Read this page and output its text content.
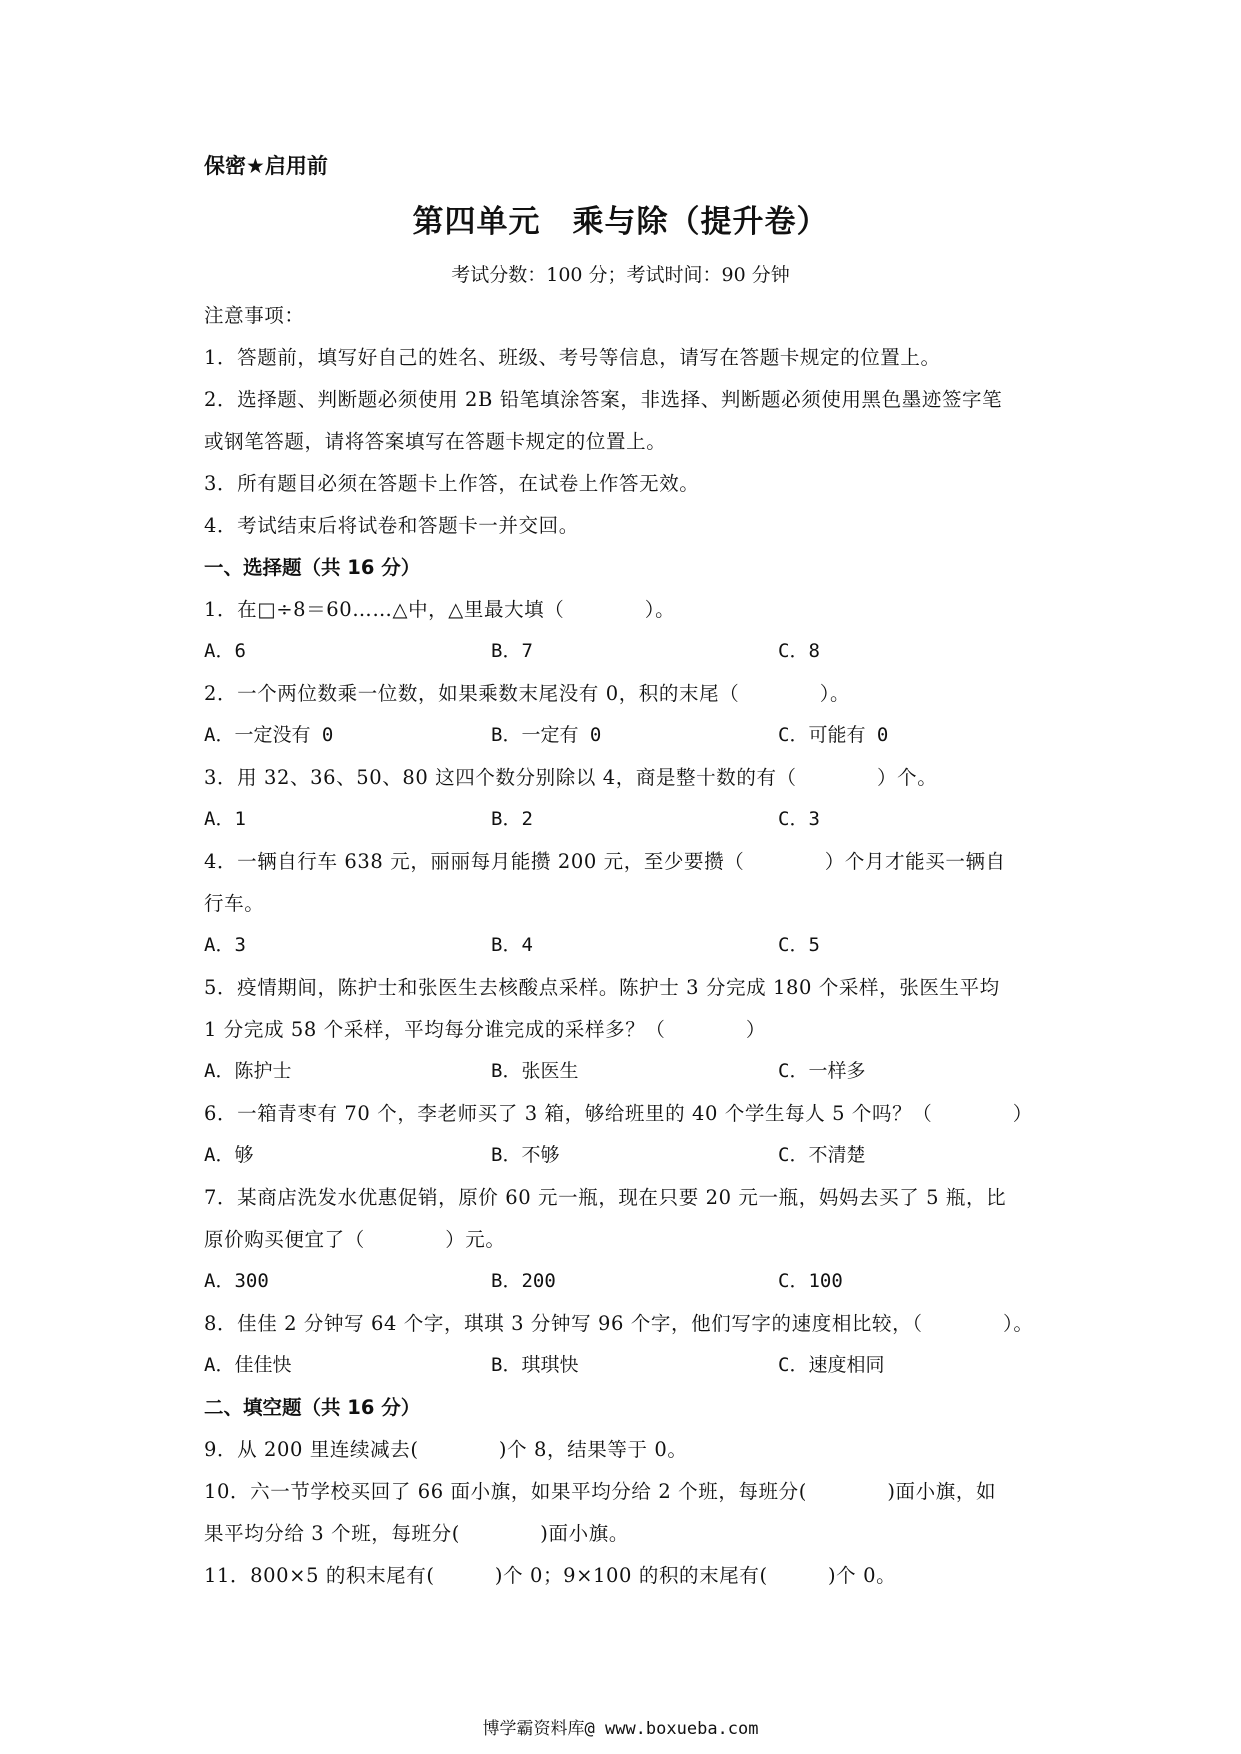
保密★启用前
第四单元　乘与除（提升卷）
考试分数：100 分；考试时间：90 分钟
注意事项：
1．答题前，填写好自己的姓名、班级、考号等信息，请写在答题卡规定的位置上。
2．选择题、判断题必须使用 2B 铅笔填涂答案，非选择、判断题必须使用黑色墨迹签字笔
或钢笔答题，请将答案填写在答题卡规定的位置上。
3．所有题目必须在答题卡上作答，在试卷上作答无效。
4．考试结束后将试卷和答题卡一并交回。
一、选择题（共 16 分）
1．在□÷8＝60……△中，△里最大填（　　　　）。
A．6	B．7	C．8
2．一个两位数乘一位数，如果乘数末尾没有 0，积的末尾（　　　　）。
A．一定没有 0	B．一定有 0	C．可能有 0
3．用 32、36、50、80 这四个数分别除以 4，商是整十数的有（　　　　）个。
A．1	B．2	C．3
4．一辆自行车 638 元，丽丽每月能攒 200 元，至少要攒（　　　　）个月才能买一辆自
行车。
A．3	B．4	C．5
5．疫情期间，陈护士和张医生去核酸点采样。陈护士 3 分完成 180 个采样，张医生平均
1 分完成 58 个采样，平均每分谁完成的采样多？（　　　　）
A．陈护士	B．张医生	C．一样多
6．一箱青枣有 70 个，李老师买了 3 箱，够给班里的 40 个学生每人 5 个吗？（　　　　）
A．够	B．不够	C．不清楚
7．某商店洗发水优惠促销，原价 60 元一瓶，现在只要 20 元一瓶，妈妈去买了 5 瓶，比
原价购买便宜了（　　　　）元。
A．300	B．200	C．100
8．佳佳 2 分钟写 64 个字，琪琪 3 分钟写 96 个字，他们写字的速度相比较，（　　　　）。
A．佳佳快	B．琪琪快	C．速度相同
二、填空题（共 16 分）
9．从 200 里连续减去(　　　　)个 8，结果等于 0。
10．六一节学校买回了 66 面小旗，如果平均分给 2 个班，每班分(　　　　)面小旗，如
果平均分给 3 个班，每班分(　　　　)面小旗。
11．800×5 的积末尾有(　　　)个 0；9×100 的积的末尾有(　　　)个 0。
博学霸资料库@ www.boxueba.com
